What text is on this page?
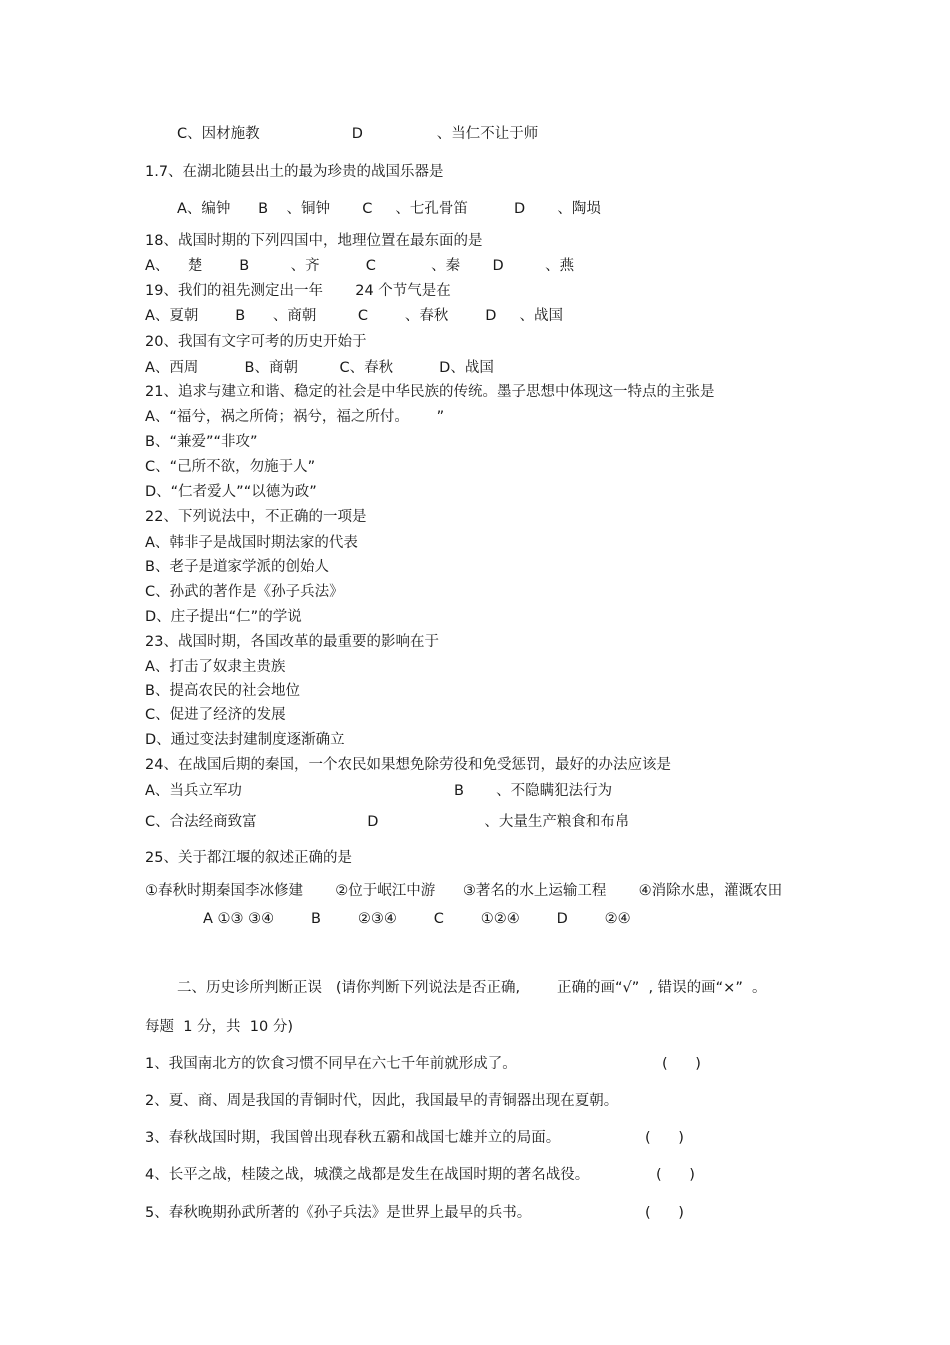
C、因材施教                    D                、当仁不让于师
1.7、在湖北随县出土的最为珍贵的战国乐器是
A、编钟      B    、铜钟       C     、七孔骨笛          D       、陶埙
18、战国时期的下列四国中，地理位置在最东面的是
A、    楚        B         、齐          C            、秦       D         、燕
19、我们的祖先测定出一年       24 个节气是在
A、夏朝        B      、商朝         C        、春秋        D     、战国
20、我国有文字可考的历史开始于
A、西周          B、商朝         C、春秋          D、战国
21、追求与建立和谐、稳定的社会是中华民族的传统。墨子思想中体现这一特点的主张是
A、“福兮，祸之所倚；祸兮，福之所付。      ”
B、“兼爱”“非攻”
C、“己所不欲，勿施于人”
D、“仁者爱人”“以德为政”
22、下列说法中，不正确的一项是
A、韩非子是战国时期法家的代表
B、老子是道家学派的创始人
C、孙武的著作是《孙子兵法》
D、庄子提出“仁”的学说
23、战国时期，各国改革的最重要的影响在于
A、打击了奴隶主贵族
B、提高农民的社会地位
C、促进了经济的发展
D、通过变法封建制度逐渐确立
24、在战国后期的秦国，一个农民如果想免除劳役和免受惩罚，最好的办法应该是
A、当兵立军功                                              B       、不隐瞒犯法行为
C、合法经商致富                        D                       、大量生产粮食和布帛
25、关于都江堰的叙述正确的是
①春秋时期秦国李冰修建       ②位于岷江中游      ③著名的水上运输工程       ④消除水患，灌溉农田
A ①③ ③④        B        ②③④        C        ①②④        D        ②④
二、历史诊所判断正误   (请你判断下列说法是否正确,        正确的画“√”  , 错误的画“×”  。
每题  1 分，共  10 分)
1、我国南北方的饮食习惯不同早在六七千年前就形成了。	(      )
2、夏、商、周是我国的青铜时代，因此，我国最早的青铜器出现在夏朝。
3、春秋战国时期，我国曾出现春秋五霸和战国七雄并立的局面。	(      )
4、长平之战，桂陵之战，城濮之战都是发生在战国时期的著名战役。	(      )
5、春秋晚期孙武所著的《孙子兵法》是世界上最早的兵书。	(      )
